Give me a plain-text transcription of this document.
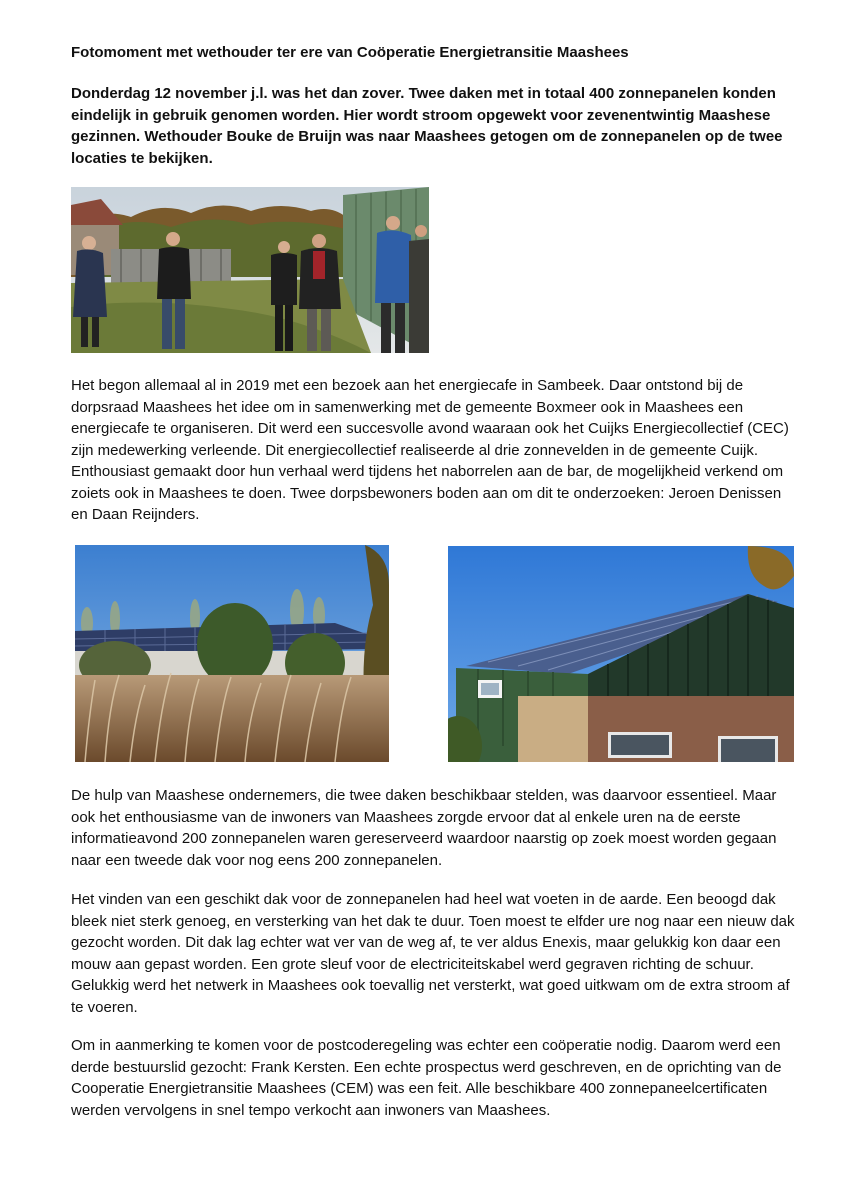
Fotomoment met wethouder ter ere van Coöperatie Energietransitie Maashees

Donderdag 12 november j.l. was het dan zover. Twee daken met in totaal 400 zonnepanelen konden eindelijk in gebruik genomen worden. Hier wordt stroom opgewekt voor zevenentwintig Maashese gezinnen. Wethouder Bouke de Bruijn was naar Maashees getogen om de zonnepanelen op de twee locaties te bekijken.

Het begon allemaal al in 2019 met een bezoek aan het energiecafe in Sambeek. Daar ontstond bij de dorpsraad Maashees het idee om in samenwerking met de gemeente Boxmeer ook in Maashees een energiecafe te organiseren. Dit werd een succesvolle avond waaraan ook het Cuijks Energiecollectief (CEC) zijn medewerking verleende. Dit energiecollectief realiseerde al drie zonnevelden in de gemeente Cuijk. Enthousiast gemaakt door hun verhaal werd tijdens het naborrelen aan de bar, de mogelijkheid verkend om zoiets ook in Maashees te doen. Twee dorpsbewoners boden aan om dit te onderzoeken: Jeroen Denissen en Daan Reijnders.

De hulp van Maashese ondernemers, die twee daken beschikbaar stelden, was daarvoor essentieel. Maar ook het enthousiasme van de inwoners van Maashees zorgde ervoor dat al enkele uren na de eerste informatieavond 200 zonnepanelen waren gereserveerd waardoor naarstig op zoek moest worden gegaan naar een tweede dak voor nog eens 200 zonnepanelen.

Het vinden van een geschikt dak voor de zonnepanelen had heel wat voeten in de aarde. Een beoogd dak bleek niet sterk genoeg, en versterking van het dak te duur. Toen moest te elfder ure nog naar een nieuw dak gezocht worden. Dit dak lag echter wat ver van de weg af, te ver aldus Enexis, maar gelukkig kon daar een mouw aan gepast worden. Een grote sleuf voor de electriciteitskabel werd gegraven richting de schuur. Gelukkig werd het netwerk in Maashees ook toevallig net versterkt, wat goed uitkwam om de extra stroom af te voeren.

Om in aanmerking te komen voor de postcoderegeling was echter een coöperatie nodig. Daarom werd een derde bestuurslid gezocht: Frank Kersten. Een echte prospectus werd geschreven, en de oprichting van de Cooperatie Energietransitie Maashees (CEM) was een feit. Alle beschikbare 400 zonnepaneelcertificaten werden vervolgens in snel tempo verkocht aan inwoners van Maashees.
